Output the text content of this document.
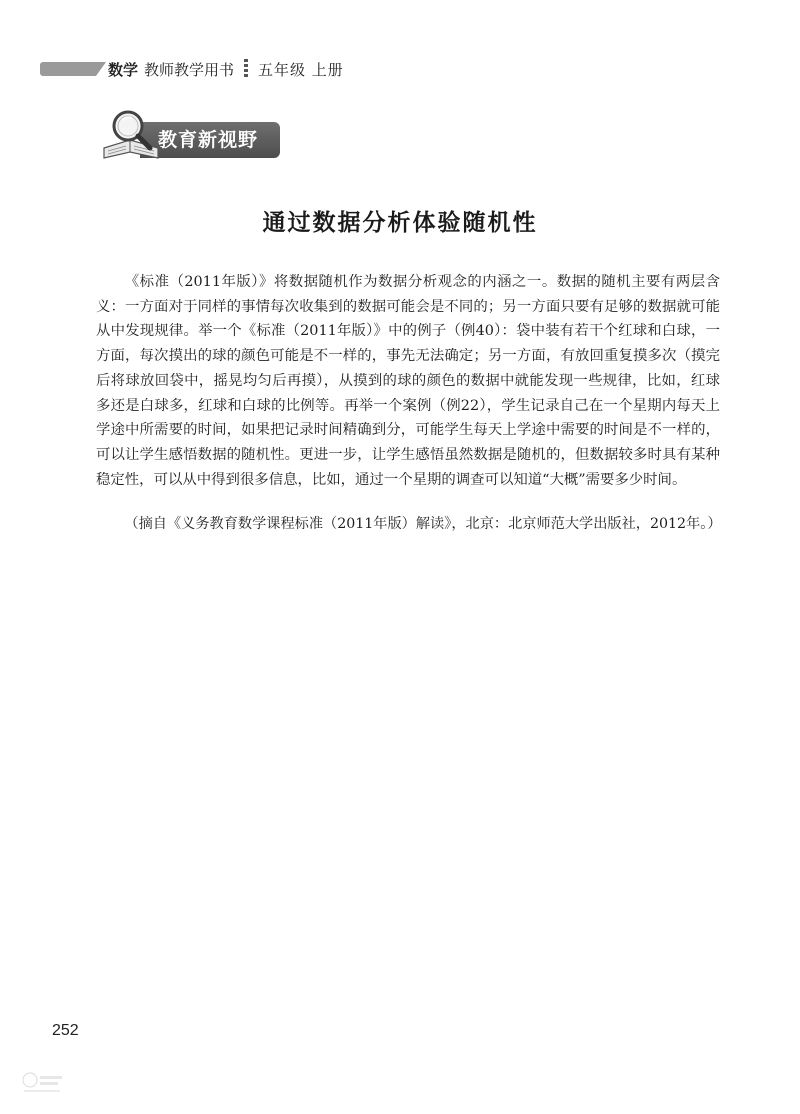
数学 教师教学用书 五年级 上册
教育新视野
通过数据分析体验随机性
《标准（2011年版）》将数据随机作为数据分析观念的内涵之一。数据的随机主要有两层含义：一方面对于同样的事情每次收集到的数据可能会是不同的；另一方面只要有足够的数据就可能从中发现规律。举一个《标准（2011年版）》中的例子（例40）：袋中装有若干个红球和白球，一方面，每次摸出的球的颜色可能是不一样的，事先无法确定；另一方面，有放回重复摸多次（摸完后将球放回袋中，摇晃均匀后再摸），从摸到的球的颜色的数据中就能发现一些规律，比如，红球多还是白球多，红球和白球的比例等。再举一个案例（例22），学生记录自己在一个星期内每天上学途中所需要的时间，如果把记录时间精确到分，可能学生每天上学途中需要的时间是不一样的，可以让学生感悟数据的随机性。更进一步，让学生感悟虽然数据是随机的，但数据较多时具有某种稳定性，可以从中得到很多信息，比如，通过一个星期的调查可以知道“大概”需要多少时间。
（摘自《义务教育数学课程标准（2011年版）解读》，北京：北京师范大学出版社，2012年。）
252
